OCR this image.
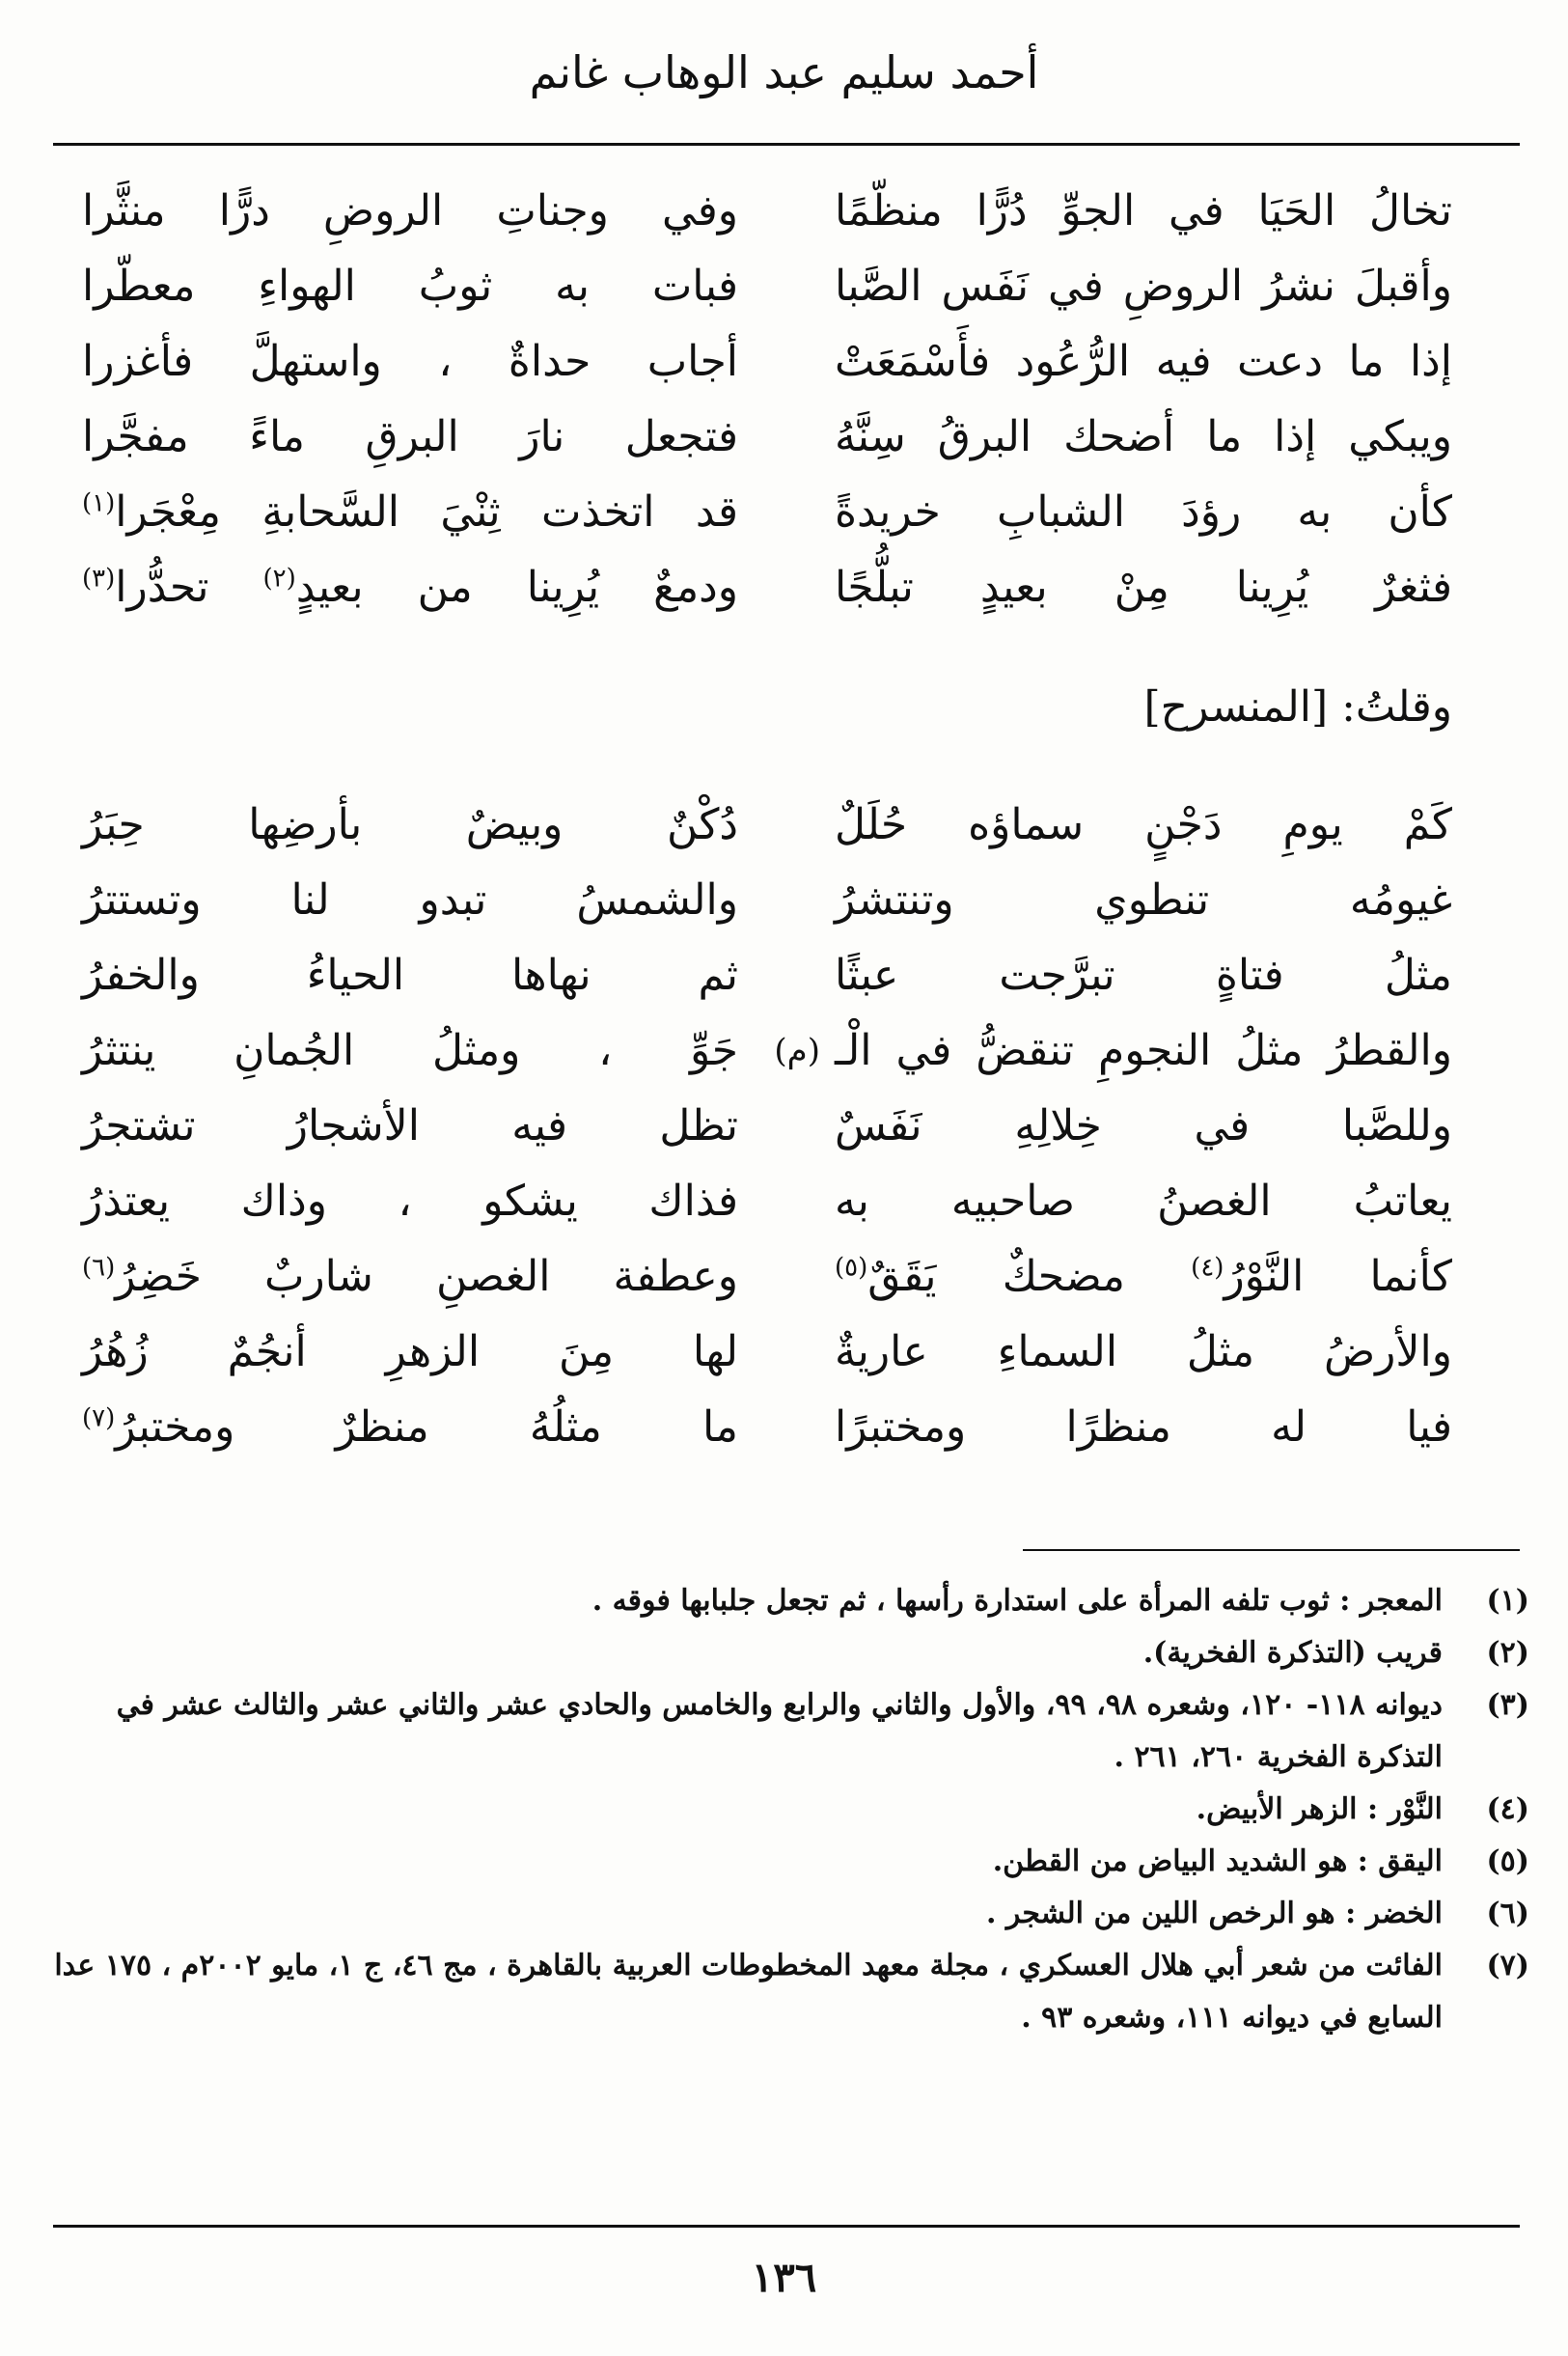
أحمد سليم عبد الوهاب غانم
تخالُ الحَيَا في الجوِّ دُرًّا منظّمًا
وفي وجناتِ الروضِ درًّا منثَّرا
وأقبلَ نشرُ الروضِ في نَفَس الصَّبا
فبات به ثوبُ الهواءِ معطّرا
إذا ما دعت فيه الرُّعُود فأَسْمَعَتْ
أجاب حداةٌ ، واستهلَّ فأغزرا
ويبكي إذا ما أضحك البرقُ سِنَّهُ
فتجعل نارَ البرقِ ماءً مفجَّرا
كأن به رؤدَ الشبابِ خريدةً
قد اتخذت ثِنْيَ السَّحابةِ مِعْجَرا$^{(١)}$
فثغرٌ يُرِينا مِنْ بعيدٍ تبلُّجًا
ودمعٌ يُرِينا من بعيدٍ$^{(٢)}$ تحدُّرا$^{(٣)}$
وقلتُ: [المنسرح]
كَمْ يومِ دَجْنٍ سماؤه حُلَلٌ
دُكْنٌ وبيضٌ بأرضِها حِبَرُ
غيومُه تنطوي وتنتشرُ
والشمسُ تبدو لنا وتستترُ
مثلُ فتاةٍ تبرَّجت عبثًا
ثم نهاها الحياءُ والخفرُ
والقطرُ مثلُ النجومِ تنقضُّ في الْـ
(م)
جَوِّ ، ومثلُ الجُمانِ ينتثرُ
وللصَّبا في خِلالِهِ نَفَسٌ
تظل فيه الأشجارُ تشتجرُ
يعاتبُ الغصنُ صاحبيه به
فذاك يشكو ، وذاك يعتذرُ
كأنما النَّوْرُ$^{(٤)}$ مضحكٌ يَقَقٌ$^{(٥)}$
وعطفة الغصنِ شاربٌ خَضِرُ$^{(٦)}$
والأرضُ مثلُ السماءِ عاريةٌ
لها مِنَ الزهرِ أنجُمٌ زُهُرُ
فيا له منظرًا ومختبرًا
ما مثلُهُ منظرٌ ومختبرُ$^{(٧)}$
(١)
المعجر : ثوب تلفه المرأة على استدارة رأسها ، ثم تجعل جلبابها فوقه .
(٢)
قريب (التذكرة الفخرية).
(٣)
ديوانه ١١٨- ١٢٠، وشعره ٩٨، ٩٩، والأول والثاني والرابع والخامس والحادي عشر والثاني عشر والثالث عشر في التذكرة الفخرية ٢٦٠، ٢٦١ .
(٤)
النَّوْر : الزهر الأبيض.
(٥)
اليقق : هو الشديد البياض من القطن.
(٦)
الخضر : هو الرخص اللين من الشجر .
(٧)
الفائت من شعر أبي هلال العسكري ، مجلة معهد المخطوطات العربية بالقاهرة ، مج ٤٦، ج ١، مايو ٢٠٠٢م ، ١٧٥ عدا السابع في ديوانه ١١١، وشعره ٩٣ .
١٣٦
